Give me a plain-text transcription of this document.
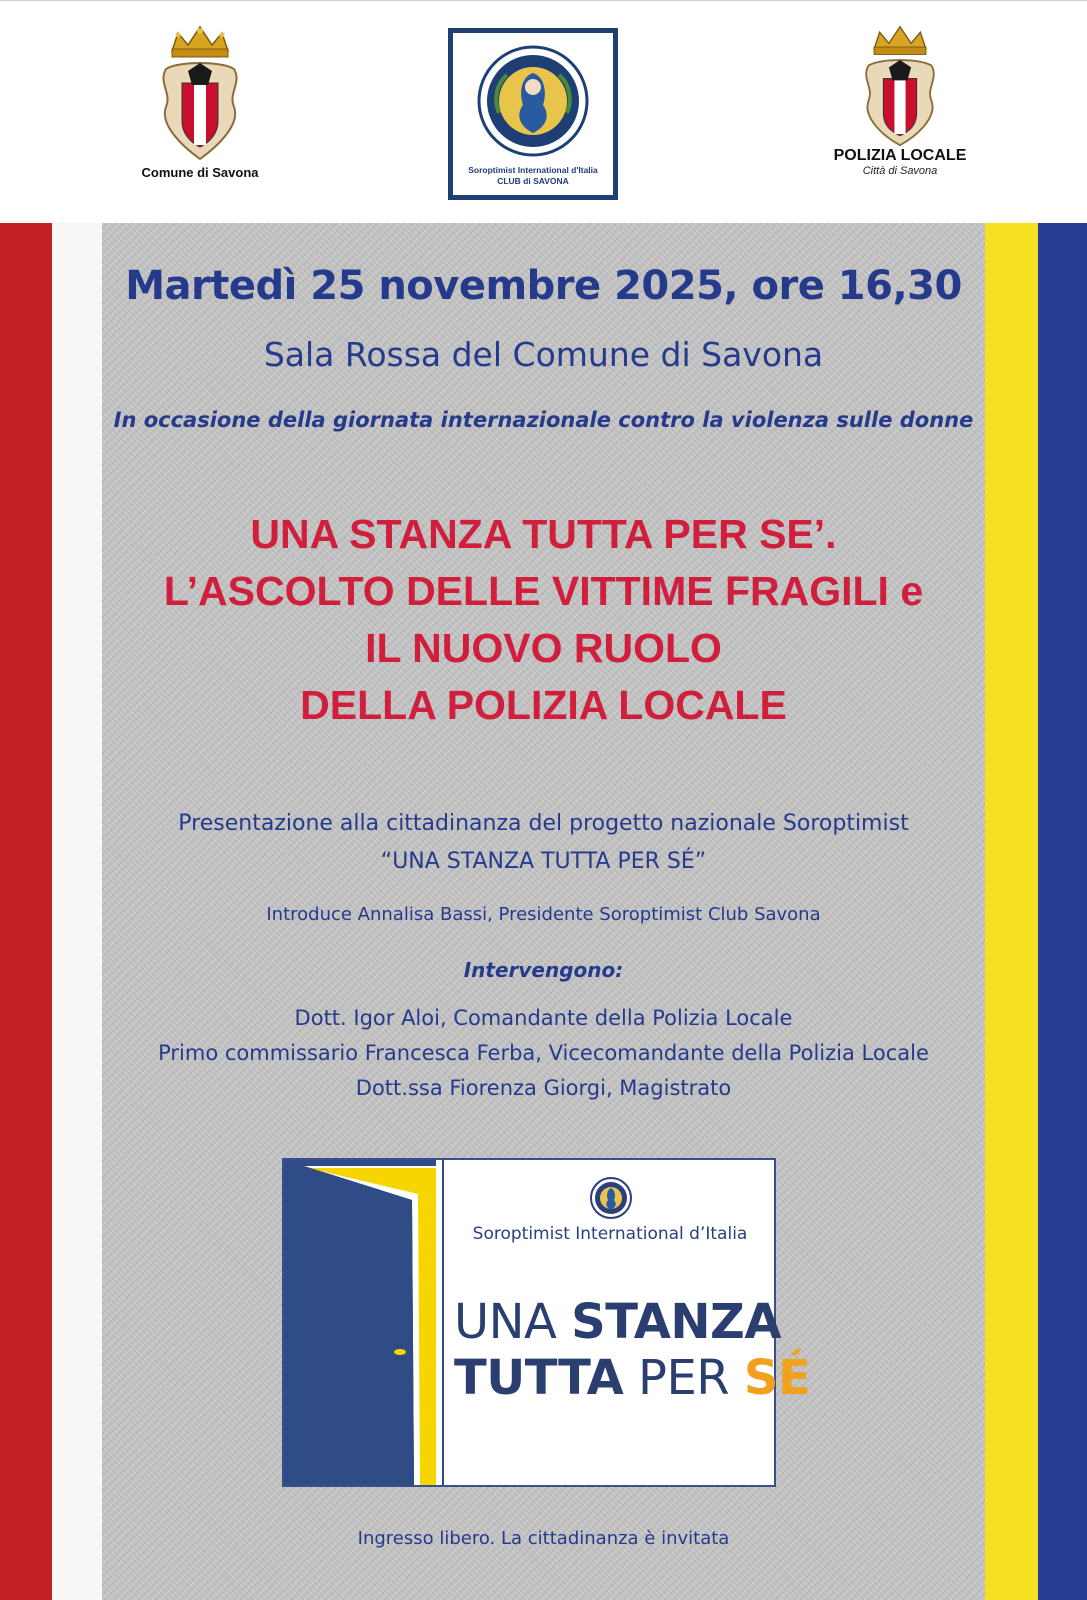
Comune di Savona	Soroptimist International d'Italia
CLUB di SAVONA
POLIZIA LOCALE
Città di Savona
Martedì 25 novembre 2025, ore 16,30
Sala Rossa del Comune di Savona
In occasione della giornata internazionale contro la violenza sulle donne
UNA STANZA TUTTA PER SE’.
L’ASCOLTO DELLE VITTIME FRAGILI e
IL NUOVO RUOLO
DELLA POLIZIA LOCALE
Presentazione alla cittadinanza del progetto nazionale Soroptimist
“UNA STANZA TUTTA PER SÉ”
Introduce Annalisa Bassi, Presidente Soroptimist Club Savona
Intervengono:
Dott. Igor Aloi, Comandante della Polizia Locale
Primo commissario Francesca Ferba, Vicecomandante della Polizia Locale
Dott.ssa Fiorenza Giorgi, Magistrato
Soroptimist International d’Italia
UNA STANZA
TUTTA PER SÉ
Ingresso libero. La cittadinanza è invitata
